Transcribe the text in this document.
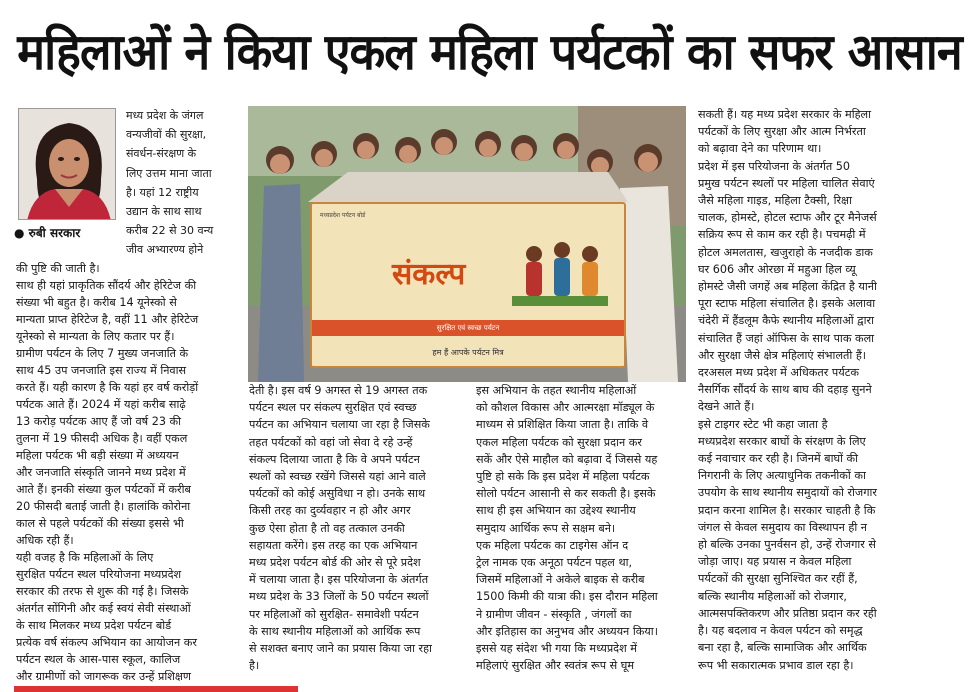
महिलाओं ने किया एकल महिला पर्यटकों का सफर आसान
● रुबी सरकार
मध्य प्रदेश के जंगल
वन्यजीवों की सुरक्षा,
संवर्धन-संरक्षण के
लिए उत्तम माना जाता
है। यहां 12 राष्ट्रीय
उद्यान के साथ साथ
करीब 22 से 30 वन्य
जीव अभ्यारण्य होने
की पुष्टि की जाती है।
साथ ही यहां प्राकृतिक सौंदर्य और हेरिटेज की
संख्या भी बहुत है। करीब 14 यूनेस्को से
मान्यता प्राप्त हेरिटेज है, वहीं 11 और हेरिटेज
यूनेस्को से मान्यता के लिए कतार पर हैं।
ग्रामीण पर्यटन के लिए 7 मुख्य जनजाति के
साथ 45 उप जनजाति इस राज्य में निवास
करते हैं। यही कारण है कि यहां हर वर्ष करोड़ों
पर्यटक आते हैं। 2024 में यहां करीब साढ़े
13 करोड़ पर्यटक आए हैं जो वर्ष 23 की
तुलना में 19 फीसदी अधिक है। वहीं एकल
महिला पर्यटक भी बड़ी संख्या में अध्ययन
और जनजाति संस्कृति जानने मध्य प्रदेश में
आते हैं। इनकी संख्या कुल पर्यटकों में करीब
20 फीसदी बताई जाती है। हालांकि कोरोना
काल से पहले पर्यटकों की संख्या इससे भी
अधिक रही हैं।
यही वजह है कि महिलाओं के लिए
सुरक्षित पर्यटन स्थल परियोजना मध्यप्रदेश
सरकार की तरफ से शुरू की गई है। जिसके
अंतर्गत सोंगिनी और कई स्वयं सेवी संस्थाओं
के साथ मिलकर मध्य प्रदेश पर्यटन बोर्ड
प्रत्येक वर्ष संकल्प अभियान का आयोजन कर
पर्यटन स्थल के आस-पास स्कूल, कालिज
और ग्रामीणों को जागरूक कर उन्हें प्रशिक्षण
मध्यप्रदेश पर्यटन बोर्ड
संकल्प
सुरक्षित एवं स्वच्छ पर्यटन
हम हैं आपके पर्यटन मित्र
देती है। इस वर्ष 9 अगस्त से 19 अगस्त तक
पर्यटन स्थल पर संकल्प सुरक्षित एवं स्वच्छ
पर्यटन का अभियान चलाया जा रहा है जिसके
तहत पर्यटकों को वहां जो सेवा दे रहे उन्हें
संकल्प दिलाया जाता है कि वे अपने पर्यटन
स्थलों को स्वच्छ रखेंगे जिससे यहां आने वाले
पर्यटकों को कोई असुविधा न हो। उनके साथ
किसी तरह का दुर्व्यवहार न हो और अगर
कुछ ऐसा होता है तो वह तत्काल उनकी
सहायता करेंगे। इस तरह का एक अभियान
मध्य प्रदेश पर्यटन बोर्ड की ओर से पूरे प्रदेश
में चलाया जाता है। इस परियोजना के अंतर्गत
मध्य प्रदेश के 33 जिलों के 50 पर्यटन स्थलों
पर महिलाओं को सुरक्षित- समावेशी पर्यटन
के साथ स्थानीय महिलाओं को आर्थिक रूप
से सशक्त बनाए जाने का प्रयास किया जा रहा
है।
इस अभियान के तहत स्थानीय महिलाओं
को कौशल विकास और आत्मरक्षा मॉड्यूल के
माध्यम से प्रशिक्षित किया जाता है। ताकि वे
एकल महिला पर्यटक को सुरक्षा प्रदान कर
सकें और ऐसे माहौल को बढ़ावा दें जिससे यह
पुष्टि हो सके कि इस प्रदेश में महिला पर्यटक
सोलो पर्यटन आसानी से कर सकती है। इसके
साथ ही इस अभियान का उद्देश्य स्थानीय
समुदाय आर्थिक रूप से सक्षम बने।
एक महिला पर्यटक का टाइगेस ऑन द
ट्रेल नामक एक अनूठा पर्यटन पहल था,
जिसमें महिलाओं ने अकेले बाइक से करीब
1500 किमी की यात्रा की। इस दौरान महिला
ने ग्रामीण जीवन - संस्कृति , जंगलों का
और इतिहास का अनुभव और अध्ययन किया।
इससे यह संदेश भी गया कि मध्यप्रदेश में
महिलाएं सुरक्षित और स्वतंत्र रूप से घूम
सकती हैं। यह मध्य प्रदेश सरकार के महिला
पर्यटकों के लिए सुरक्षा और आत्म निर्भरता
को बढ़ावा देने का परिणाम था।
प्रदेश में इस परियोजना के अंतर्गत 50
प्रमुख पर्यटन स्थलों पर महिला चालित सेवाएं
जैसे महिला गाइड, महिला टैक्सी, रिक्षा
चालक, होमस्टे, होटल स्टाफ और टूर मैनेजर्स
सक्रिय रूप से काम कर रही है। पचमढ़ी में
होटल अमलतास, खजुराहो के नजदीक डाक
घर 606 और ओरछा में महुआ हिल व्यू
होमस्टे जैसी जगहें अब महिला केंद्रित है यानी
पूरा स्टाफ महिला संचालित है। इसके अलावा
चंदेरी में हैंडलूम कैफे स्थानीय महिलाओं द्वारा
संचालित हैं जहां ऑफिस के साथ पाक कला
और सुरक्षा जैसे क्षेत्र महिलाएं संभालती हैं।
दरअसल मध्य प्रदेश में अधिकतर पर्यटक
नैसर्गिक सौंदर्य के साथ बाघ की दहाड़ सुनने
देखने आते हैं।
इसे टाइगर स्टेट भी कहा जाता है
मध्यप्रदेश सरकार बाघों के संरक्षण के लिए
कई नवाचार कर रही है। जिनमें बाघों की
निगरानी के लिए अत्याधुनिक तकनीकों का
उपयोग के साथ स्थानीय समुदायों को रोजगार
प्रदान करना शामिल है। सरकार चाहती है कि
जंगल से केवल समुदाय का विस्थापन ही न
हो बल्कि उनका पुनर्वसन हो, उन्हें रोजगार से
जोड़ा जाए। यह प्रयास न केवल महिला
पर्यटकों की सुरक्षा सुनिश्चित कर रहीं हैं,
बल्कि स्थानीय महिलाओं को रोजगार,
आत्मसपक्तिकरण और प्रतिष्ठा प्रदान कर रही
है। यह बदलाव न केवल पर्यटन को समृद्ध
बना रहा है, बल्कि सामाजिक और आर्थिक
रूप भी सकारात्मक प्रभाव डाल रहा है।
